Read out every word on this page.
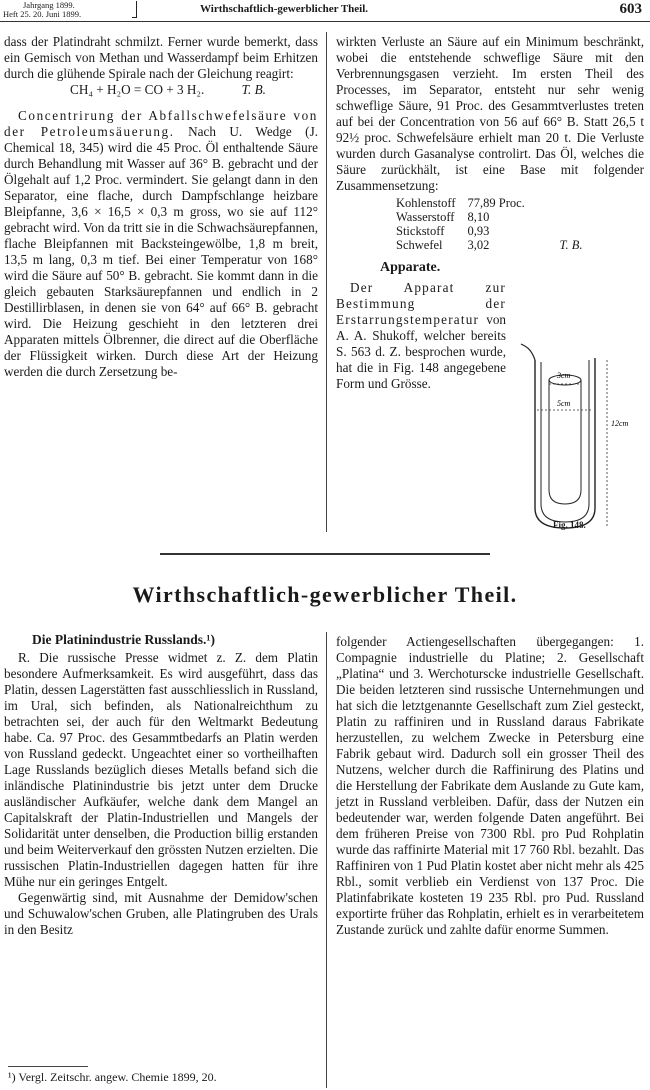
Jahrgang 1899.
Heft 25. 20. Juni 1899.	Wirthschaftlich-gewerblicher Theil.	603

dass der Platindraht schmilzt. Ferner wurde bemerkt, dass ein Gemisch von Methan und Wasserdampf beim Erhitzen durch die glühende Spirale nach der Gleichung reagirt:

CH₄ + H₂O = CO + 3 H₂.	T. B.

Concentrirung der Abfallschwefelsäure von der Petroleumsäuerung. Nach U. Wedge (J. Chemical 18, 345) wird die 45 Proc. Öl enthaltende Säure durch Behandlung mit Wasser auf 36° B. gebracht und der Ölgehalt auf 1,2 Proc. vermindert. Sie gelangt dann in den Separator, eine flache, durch Dampfschlange heizbare Bleipfanne, 3,6 × 16,5 × 0,3 m gross, wo sie auf 112° gebracht wird. Von da tritt sie in die Schwachsäurepfannen, flache Bleipfannen mit Backsteingewölbe, 1,8 m breit, 13,5 m lang, 0,3 m tief. Bei einer Temperatur von 168° wird die Säure auf 50° B. gebracht. Sie kommt dann in die gleich gebauten Starksäurepfannen und endlich in 2 Destillirblasen, in denen sie von 64° auf 66° B. gebracht wird. Die Heizung geschieht in den letzteren drei Apparaten mittels Ölbrenner, die direct auf die Oberfläche der Flüssigkeit wirken. Durch diese Art der Heizung werden die durch Zersetzung be-

wirkten Verluste an Säure auf ein Minimum beschränkt, wobei die entstehende schweflige Säure mit den Verbrennungsgasen verzieht. Im ersten Theil des Processes, im Separator, entsteht nur sehr wenig schweflige Säure, 91 Proc. des Gesammtverlustes treten auf bei der Concentration von 56 auf 66° B. Statt 26,5 t 92½ proc. Schwefelsäure erhielt man 20 t. Die Verluste wurden durch Gasanalyse controlirt. Das Öl, welches die Säure zurückhält, ist eine Base mit folgender Zusammensetzung:

Kohlenstoff	77,89 Proc.	
Wasserstoff	8,10	
Stickstoff	0,93	
Schwefel	3,02	T. B.
Apparate.

Der Apparat zur Bestimmung der Erstarrungstemperatur von A. A. Shukoff, welcher bereits S. 563 d. Z. besprochen wurde, hat die in Fig. 148 angegebene Form und Grösse.

3cm
5cm
12cm
Fig. 148.
Wirthschaftlich-gewerblicher Theil.
Die Platinindustrie Russlands.¹)

R. Die russische Presse widmet z. Z. dem Platin besondere Aufmerksamkeit. Es wird ausgeführt, dass das Platin, dessen Lagerstätten fast ausschliesslich in Russland, im Ural, sich befinden, als Nationalreichthum zu betrachten sei, der auch für den Weltmarkt Bedeutung habe. Ca. 97 Proc. des Gesammtbedarfs an Platin werden von Russland gedeckt. Ungeachtet einer so vortheilhaften Lage Russlands bezüglich dieses Metalls befand sich die inländische Platinindustrie bis jetzt unter dem Drucke ausländischer Aufkäufer, welche dank dem Mangel an Capitalskraft der Platin-Industriellen und Mangels der Solidarität unter denselben, die Production billig erstanden und beim Weiterverkauf den grössten Nutzen erzielten. Die russischen Platin-Industriellen dagegen hatten für ihre Mühe nur ein geringes Entgelt.

Gegenwärtig sind, mit Ausnahme der Demidow'schen und Schuwalow'schen Gruben, alle Platingruben des Urals in den Besitz

folgender Actiengesellschaften übergegangen: 1. Compagnie industrielle du Platine; 2. Gesellschaft „Platina“ und 3. Werchoturscke industrielle Gesellschaft. Die beiden letzteren sind russische Unternehmungen und hat sich die letztgenannte Gesellschaft zum Ziel gesteckt, Platin zu raffiniren und in Russland daraus Fabrikate herzustellen, zu welchem Zwecke in Petersburg eine Fabrik gebaut wird. Dadurch soll ein grosser Theil des Nutzens, welcher durch die Raffinirung des Platins und die Herstellung der Fabrikate dem Auslande zu Gute kam, jetzt in Russland verbleiben. Dafür, dass der Nutzen ein bedeutender war, werden folgende Daten angeführt. Bei dem früheren Preise von 7300 Rbl. pro Pud Rohplatin wurde das raffinirte Material mit 17 760 Rbl. bezahlt. Das Raffiniren von 1 Pud Platin kostet aber nicht mehr als 425 Rbl., somit verblieb ein Verdienst von 137 Proc. Die Platinfabrikate kosteten 19 235 Rbl. pro Pud. Russland exportirte früher das Rohplatin, erhielt es in verarbeitetem Zustande zurück und zahlte dafür enorme Summen.

¹) Vergl. Zeitschr. angew. Chemie 1899, 20.
